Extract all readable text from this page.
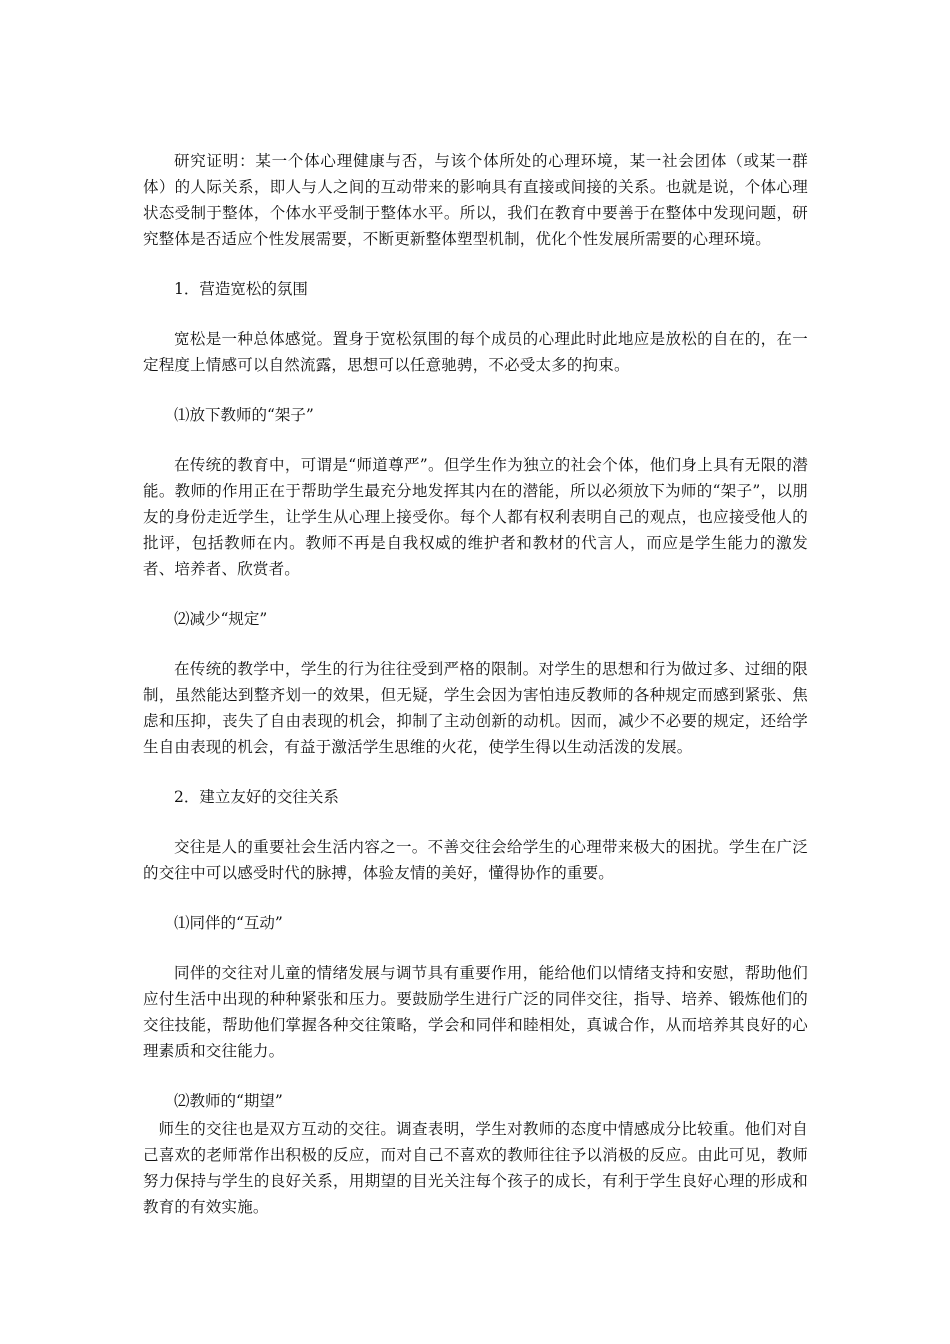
研究证明：某一个体心理健康与否，与该个体所处的心理环境，某一社会团体（或某一群体）的人际关系，即人与人之间的互动带来的影响具有直接或间接的关系。也就是说，个体心理状态受制于整体，个体水平受制于整体水平。所以，我们在教育中要善于在整体中发现问题，研究整体是否适应个性发展需要，不断更新整体塑型机制，优化个性发展所需要的心理环境。

1．营造宽松的氛围

宽松是一种总体感觉。置身于宽松氛围的每个成员的心理此时此地应是放松的自在的，在一定程度上情感可以自然流露，思想可以任意驰骋，不必受太多的拘束。

⑴放下教师的“架子”

在传统的教育中，可谓是“师道尊严”。但学生作为独立的社会个体，他们身上具有无限的潜能。教师的作用正在于帮助学生最充分地发挥其内在的潜能，所以必须放下为师的“架子”，以朋友的身份走近学生，让学生从心理上接受你。每个人都有权利表明自己的观点，也应接受他人的批评，包括教师在内。教师不再是自我权威的维护者和教材的代言人，而应是学生能力的激发者、培养者、欣赏者。

⑵减少“规定”

在传统的教学中，学生的行为往往受到严格的限制。对学生的思想和行为做过多、过细的限制，虽然能达到整齐划一的效果，但无疑，学生会因为害怕违反教师的各种规定而感到紧张、焦虑和压抑，丧失了自由表现的机会，抑制了主动创新的动机。因而，减少不必要的规定，还给学生自由表现的机会，有益于激活学生思维的火花，使学生得以生动活泼的发展。

2．建立友好的交往关系

交往是人的重要社会生活内容之一。不善交往会给学生的心理带来极大的困扰。学生在广泛的交往中可以感受时代的脉搏，体验友情的美好，懂得协作的重要。

⑴同伴的“互动”

同伴的交往对儿童的情绪发展与调节具有重要作用，能给他们以情绪支持和安慰，帮助他们应付生活中出现的种种紧张和压力。要鼓励学生进行广泛的同伴交往，指导、培养、锻炼他们的交往技能，帮助他们掌握各种交往策略，学会和同伴和睦相处，真诚合作，从而培养其良好的心理素质和交往能力。

⑵教师的“期望”

师生的交往也是双方互动的交往。调查表明，学生对教师的态度中情感成分比较重。他们对自己喜欢的老师常作出积极的反应，而对自己不喜欢的教师往往予以消极的反应。由此可见，教师努力保持与学生的良好关系，用期望的目光关注每个孩子的成长，有利于学生良好心理的形成和教育的有效实施。
